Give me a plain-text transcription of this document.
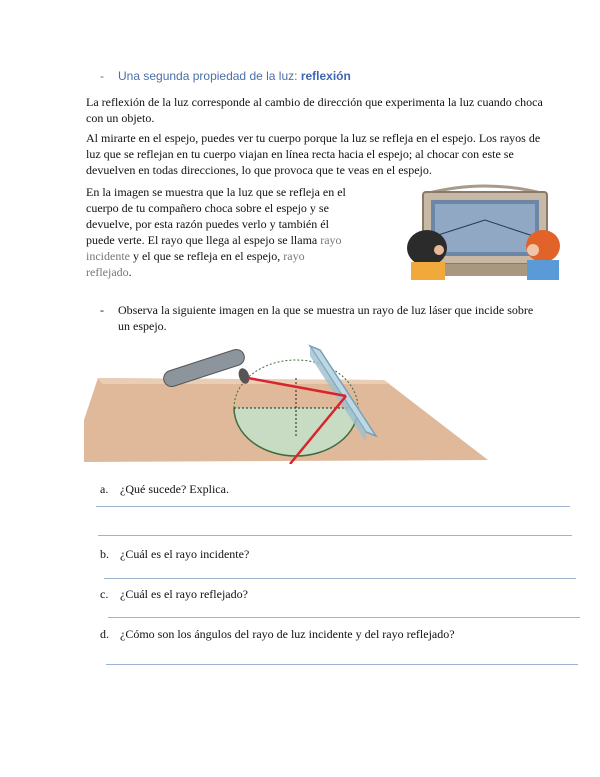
- Una segunda propiedad de la luz: reflexión
La reflexión de la luz corresponde al cambio de dirección que experimenta la luz cuando choca con un objeto.
Al mirarte en el espejo, puedes ver tu cuerpo porque la luz se refleja en el espejo. Los rayos de luz que se reflejan en tu cuerpo viajan en línea recta hacia el espejo; al chocar con este se devuelven en todas direcciones, lo que provoca que te veas en el espejo.
En la imagen se muestra que la luz que se refleja en el cuerpo de tu compañero choca sobre el espejo y se devuelve, por esta razón puedes verlo y también él puede verte. El rayo que llega al espejo se llama rayo incidente y el que se refleja en el espejo, rayo reflejado.
- Observa la siguiente imagen en la que se muestra un rayo de luz láser que incide sobre un espejo.
a. ¿Qué sucede? Explica.
b. ¿Cuál es el rayo incidente?
c. ¿Cuál es el rayo reflejado?
d. ¿Cómo son los ángulos del rayo de luz incidente y del rayo reflejado?
